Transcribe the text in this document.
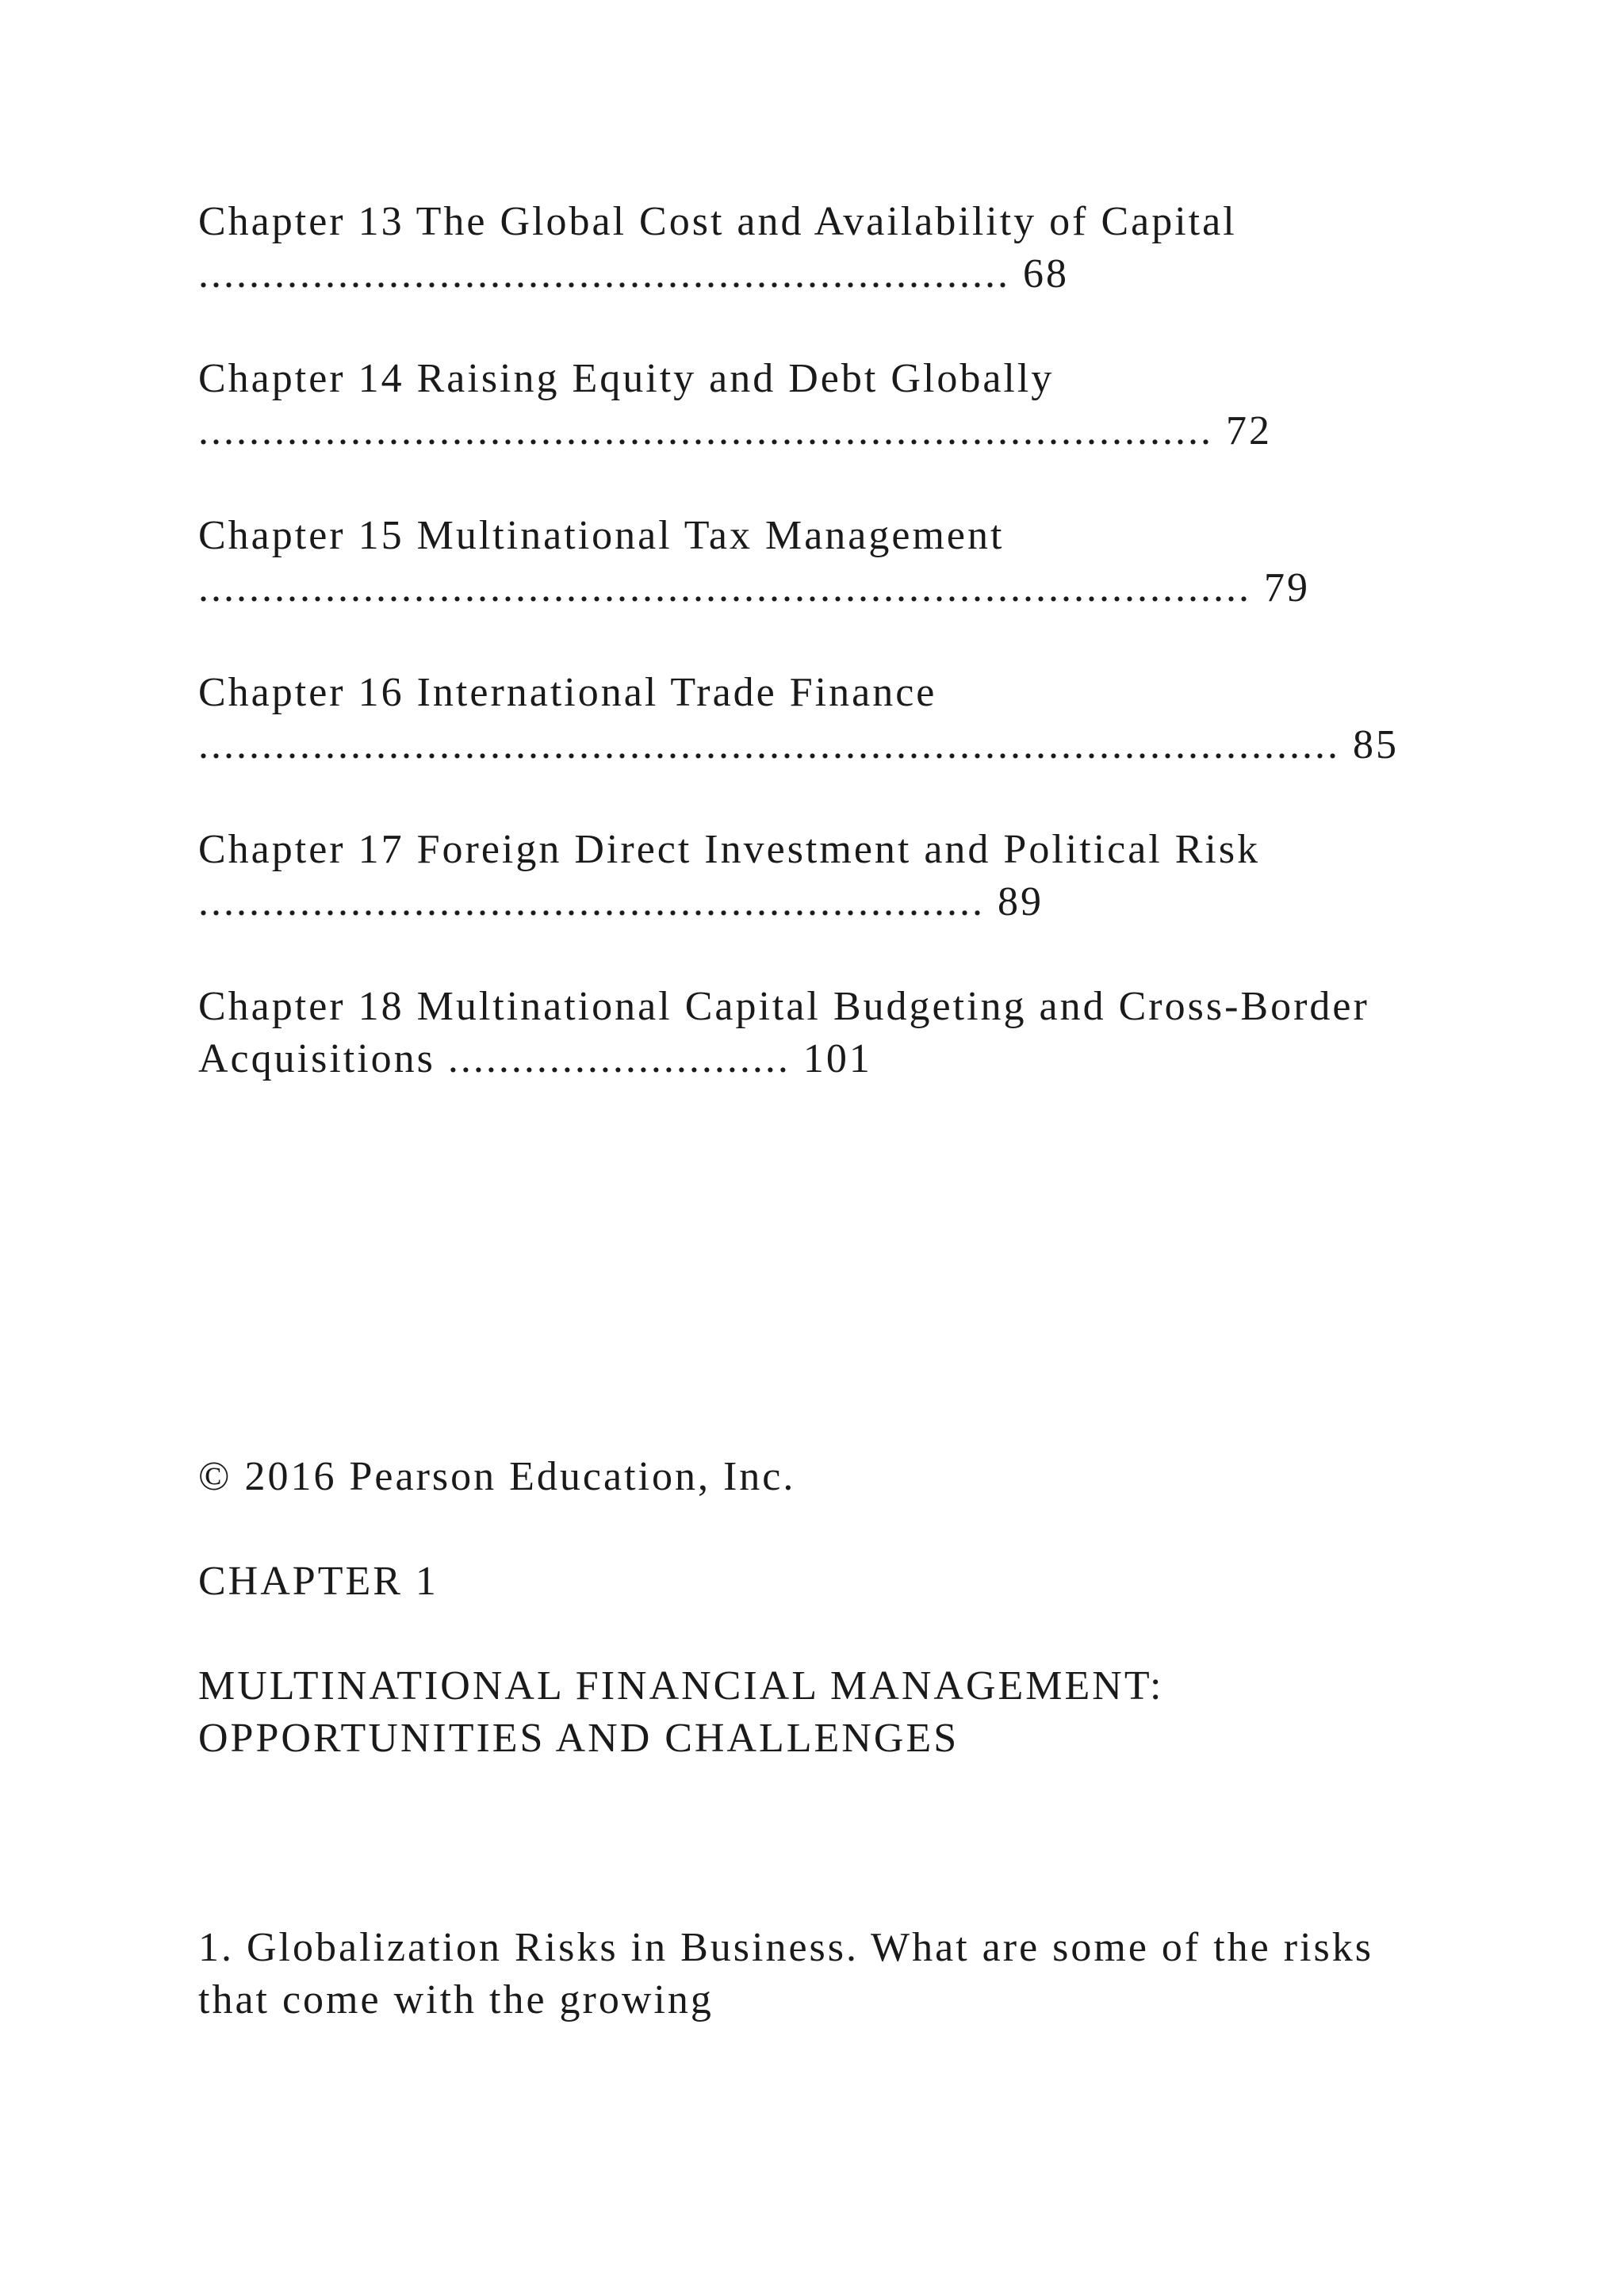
Chapter 13 The Global Cost and Availability of Capital
................................................................ 68
Chapter 14 Raising Equity and Debt Globally
................................................................................ 72
Chapter 15 Multinational Tax Management
................................................................................... 79
Chapter 16 International Trade Finance
.......................................................................................... 85
Chapter 17 Foreign Direct Investment and Political Risk
.............................................................. 89
Chapter 18 Multinational Capital Budgeting and Cross-Border
Acquisitions ........................... 101
© 2016 Pearson Education, Inc.
CHAPTER 1
MULTINATIONAL FINANCIAL MANAGEMENT:
OPPORTUNITIES AND CHALLENGES
1. Globalization Risks in Business. What are some of the risks
that come with the growing
